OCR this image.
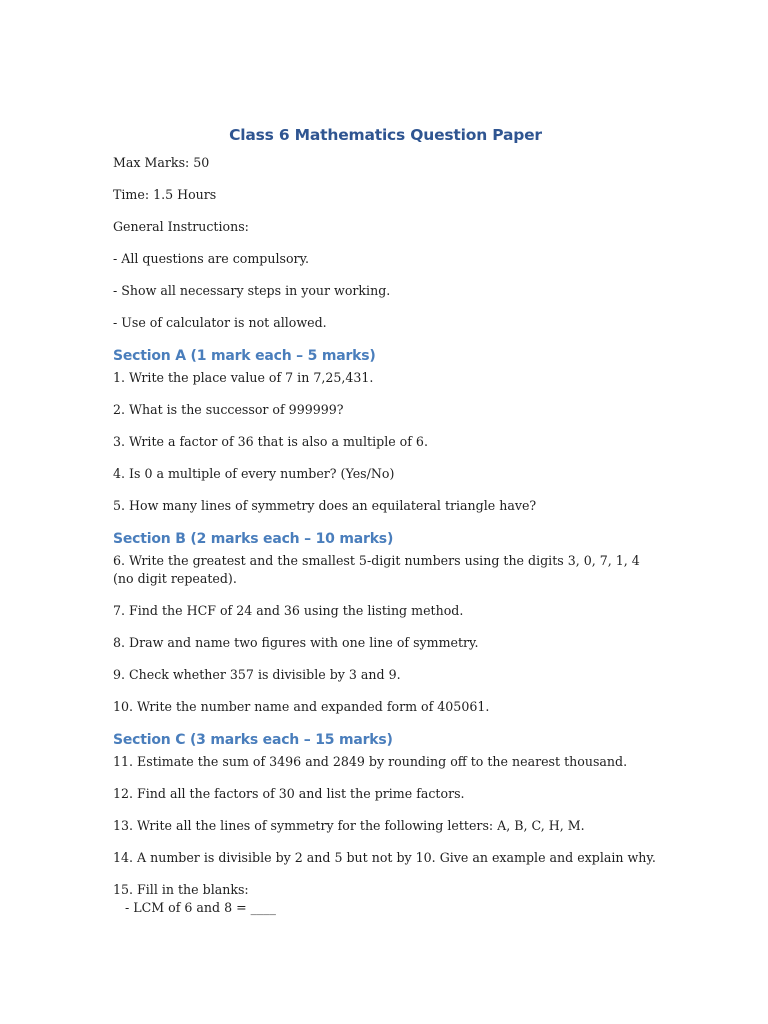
Class 6 Mathematics Question Paper

Max Marks: 50

Time: 1.5 Hours

General Instructions:

- All questions are compulsory.

- Show all necessary steps in your working.

- Use of calculator is not allowed.

Section A (1 mark each – 5 marks)

1. Write the place value of 7 in 7,25,431.

2. What is the successor of 999999?

3. Write a factor of 36 that is also a multiple of 6.

4. Is 0 a multiple of every number? (Yes/No)

5. How many lines of symmetry does an equilateral triangle have?

Section B (2 marks each – 10 marks)

6. Write the greatest and the smallest 5-digit numbers using the digits 3, 0, 7, 1, 4 (no digit repeated).

7. Find the HCF of 24 and 36 using the listing method.

8. Draw and name two figures with one line of symmetry.

9. Check whether 357 is divisible by 3 and 9.

10. Write the number name and expanded form of 405061.

Section C (3 marks each – 15 marks)

11. Estimate the sum of 3496 and 2849 by rounding off to the nearest thousand.

12. Find all the factors of 30 and list the prime factors.

13. Write all the lines of symmetry for the following letters: A, B, C, H, M.

14. A number is divisible by 2 and 5 but not by 10. Give an example and explain why.

15. Fill in the blanks:

- LCM of 6 and 8 = ____
